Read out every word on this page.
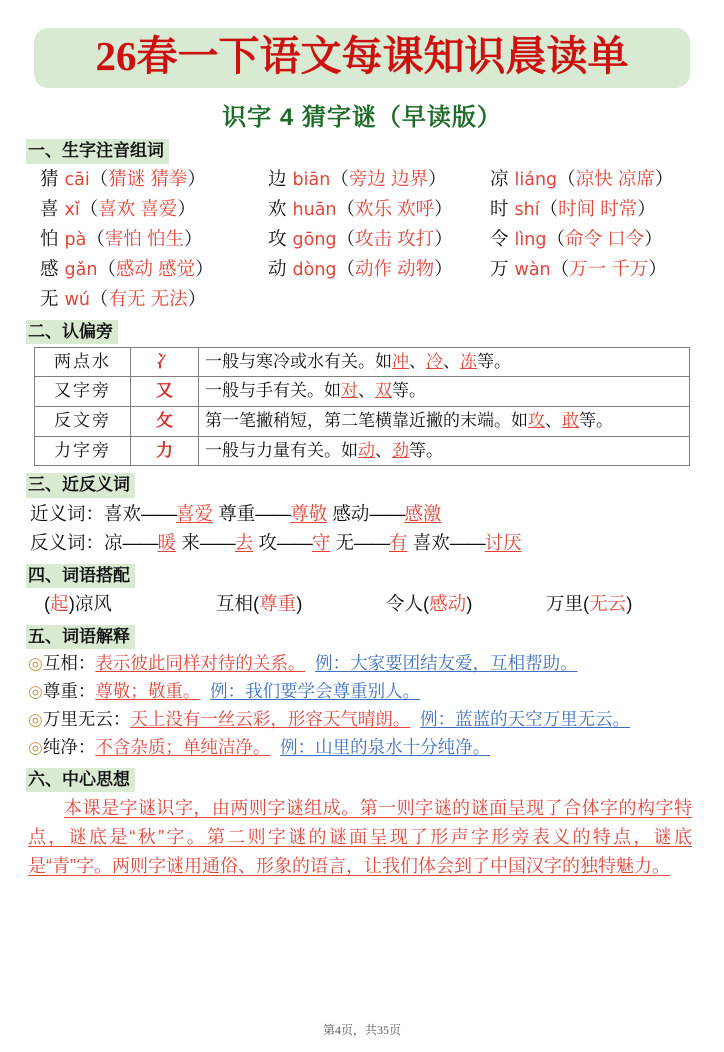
26春一下语文每课知识晨读单
识字 4 猜字谜（早读版）
一、生字注音组词
猜 cāi（猜谜 猜拳）	边 biān（旁边 边界）	凉 liáng（凉快 凉席）
喜 xǐ（喜欢 喜爱）	欢 huān（欢乐 欢呼）	时 shí（时间 时常）
怕 pà（害怕 怕生）	攻 gōng（攻击 攻打）	令 lìng（命令 口令）
感 gǎn（感动 感觉）	动 dòng（动作 动物）	万 wàn（万一 千万）
无 wú（有无 无法）
二、认偏旁
两点水	冫	一般与寒冷或水有关。如冲、冷、冻等。
又字旁	又	一般与手有关。如对、双等。
反文旁	攵	第一笔撇稍短，第二笔横靠近撇的末端。如攻、敢等。
力字旁	力	一般与力量有关。如动、劲等。
三、近反义词
近义词：喜欢——喜爱 尊重——尊敬 感动——感激
反义词：凉——暖 来——去 攻——守 无——有 喜欢——讨厌
四、词语搭配
(起)凉风	互相(尊重)	令人(感动)	万里(无云)
五、词语解释
◎互相：表示彼此同样对待的关系。 例：大家要团结友爱，互相帮助。
◎尊重：尊敬；敬重。 例：我们要学会尊重别人。
◎万里无云：天上没有一丝云彩，形容天气晴朗。 例：蓝蓝的天空万里无云。
◎纯净：不含杂质；单纯洁净。 例：山里的泉水十分纯净。
六、中心思想
本课是字谜识字，由两则字谜组成。第一则字谜的谜面呈现了合体字的构字特点，谜底是“秋”字。第二则字谜的谜面呈现了形声字形旁表义的特点，谜底是“青”字。两则字谜用通俗、形象的语言，让我们体会到了中国汉字的独特魅力。
第4页，共35页
